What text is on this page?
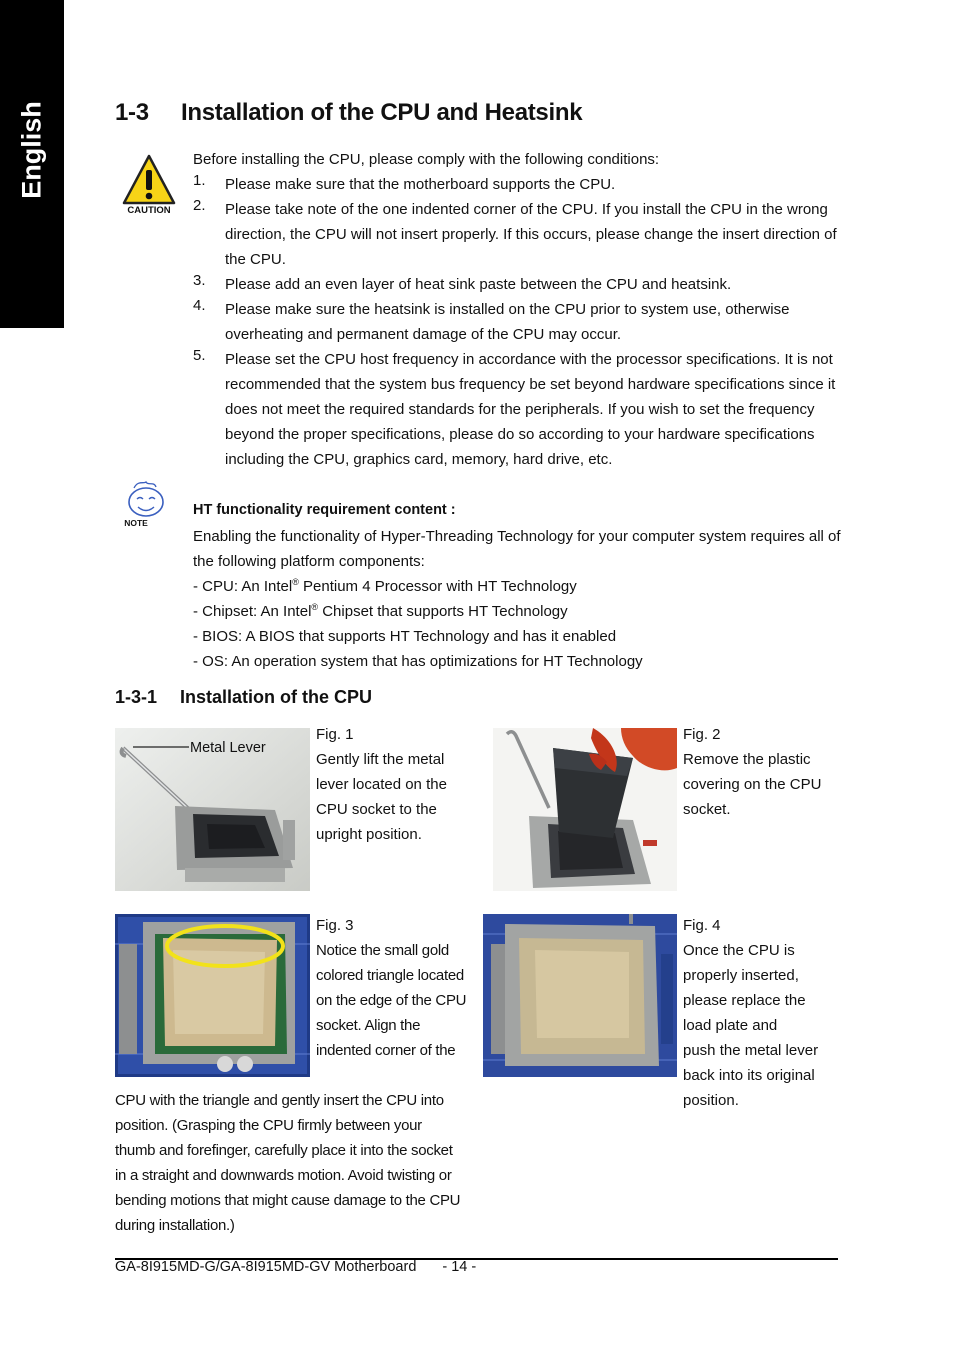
English	1-3 Installation of the CPU and Heatsink
CAUTION
Before installing the CPU, please comply with the following conditions:
1. Please make sure that the motherboard supports the CPU.
2. Please take note of the one indented corner of the CPU. If you install the CPU in the wrong direction, the CPU will not insert properly. If this occurs, please change the insert direction of the CPU.
3. Please add an even layer of heat sink paste between the CPU and heatsink.
4. Please make sure the heatsink is installed on the CPU prior to system use, otherwise overheating and permanent damage of the CPU may occur.
5. Please set the CPU host frequency in accordance with the processor specifications. It is not recommended that the system bus frequency be set beyond hardware specifications since it does not meet the required standards for the peripherals. If you wish to set the frequency beyond the proper specifications, please do so according to your hardware specifications including the CPU, graphics card, memory, hard drive, etc.
NOTE
HT functionality requirement content :
Enabling the functionality of Hyper-Threading Technology for your computer system requires all of the following platform components:
- CPU: An Intel® Pentium 4 Processor with HT Technology
- Chipset: An Intel® Chipset that supports HT Technology
- BIOS: A BIOS that supports HT Technology and has it enabled
- OS: An operation system that has optimizations for HT Technology
1-3-1 Installation of the CPU
Metal Lever
Fig. 1
Gently lift the metal
lever located on the
CPU socket to the
upright position.
Fig. 2
Remove the plastic
covering on the CPU
socket.
Fig. 3
Notice the small gold
colored triangle located
on the edge of the CPU
socket. Align the
indented corner of the
CPU with the triangle and gently insert the CPU into
position. (Grasping the CPU firmly between your
thumb and forefinger, carefully place it into the socket
in a straight and downwards motion. Avoid twisting or
bending motions that might cause damage to the CPU
during installation.)
Fig. 4
Once the CPU is
properly inserted,
please replace the
load plate and
push the metal lever
back into its original
position.
GA-8I915MD-G/GA-8I915MD-GV Motherboard - 14 -
